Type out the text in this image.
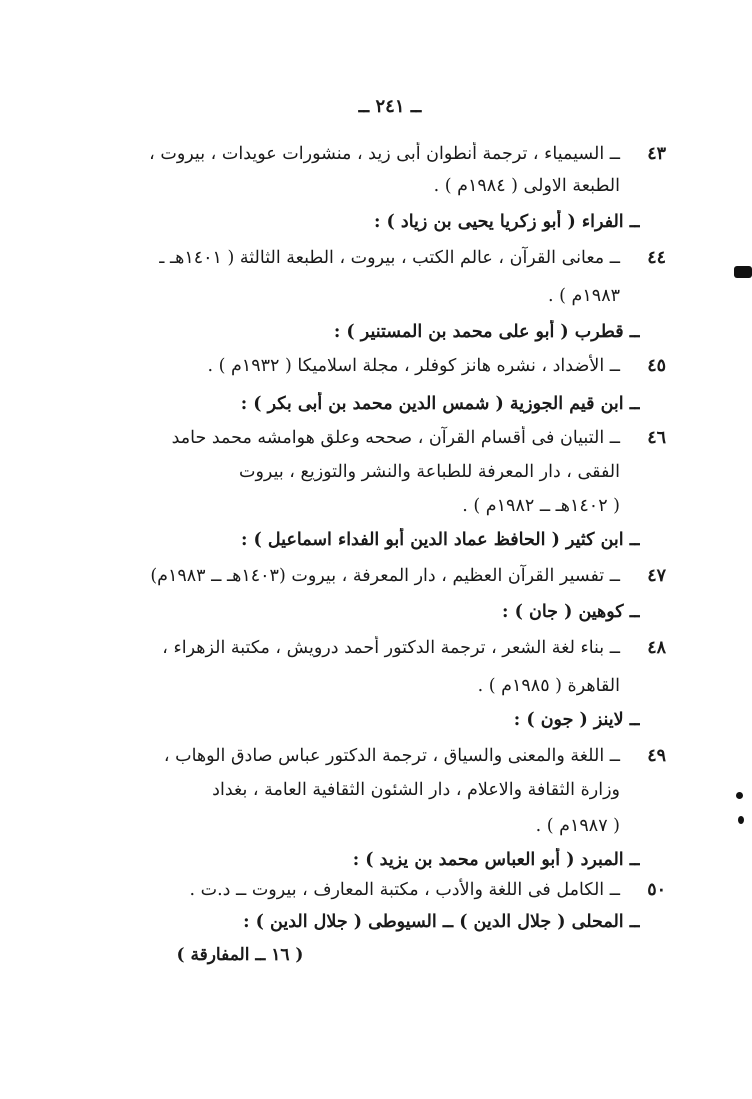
ــ ٢٤١ ــ
٤٣ــ السيمياء ، ترجمة أنطوان أبى زيد ، منشورات عويدات ، بيروت ،
الطبعة الاولى ( ١٩٨٤م ) .
ــ الفراء ( أبو زكريا يحيى بن زياد ) :
٤٤ــ معانى القرآن ، عالم الكتب ، بيروت ، الطبعة الثالثة ( ١٤٠١هـ ـ
١٩٨٣م ) .
ــ قطرب ( أبو على محمد بن المستنير ) :
٤٥ــ الأضداد ، نشره هانز كوفلر ، مجلة اسلاميكا ( ١٩٣٢م ) .
ــ ابن قيم الجوزية ( شمس الدين محمد بن أبى بكر ) :
٤٦ــ التبيان فى أقسام القرآن ، صححه وعلق هوامشه محمد حامد
الفقى ، دار المعرفة للطباعة والنشر والتوزيع ، بيروت
( ١٤٠٢هـ ــ ١٩٨٢م ) .
ــ ابن كثير ( الحافظ عماد الدين أبو الفداء اسماعيل ) :
٤٧ــ تفسير القرآن العظيم ، دار المعرفة ، بيروت (١٤٠٣هـ ــ ١٩٨٣م)
ــ كوهين ( جان ) :
٤٨ــ بناء لغة الشعر ، ترجمة الدكتور أحمد درويش ، مكتبة الزهراء ،
القاهرة ( ١٩٨٥م ) .
ــ لاينز ( جون ) :
٤٩ــ اللغة والمعنى والسياق ، ترجمة الدكتور عباس صادق الوهاب ،
وزارة الثقافة والاعلام ، دار الشئون الثقافية العامة ، بغداد
( ١٩٨٧م ) .
ــ المبرد ( أبو العباس محمد بن يزيد ) :
٥٠ــ الكامل فى اللغة والأدب ، مكتبة المعارف ، بيروت ــ د.ت .
ــ المحلى ( جلال الدين ) ــ السيوطى ( جلال الدين ) :
( ١٦ ــ المفارقة )
